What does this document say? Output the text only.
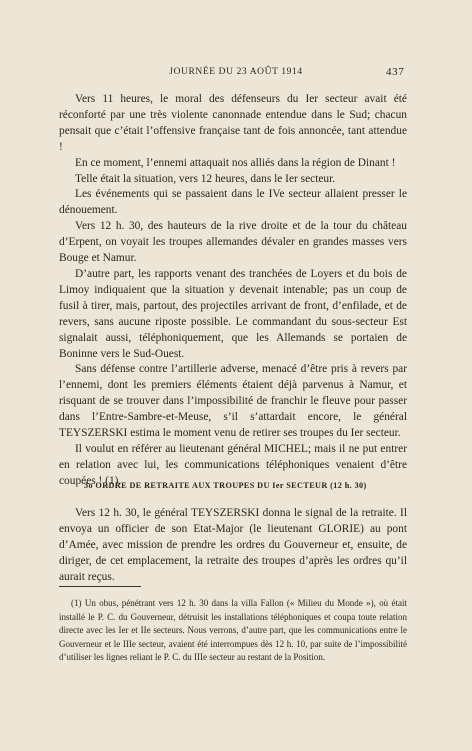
JOURNÉE DU 23 AOÛT 1914	437

Vers 11 heures, le moral des défenseurs du Ier secteur avait été réconforté par une très violente canonnade entendue dans le Sud; chacun pensait que c’était l’offensive française tant de fois annoncée, tant attendue !

En ce moment, l’ennemi attaquait nos alliés dans la région de Dinant !

Telle était la situation, vers 12 heures, dans le Ier secteur.

Les événements qui se passaient dans le IVe secteur allaient presser le dénouement.

Vers 12 h. 30, des hauteurs de la rive droite et de la tour du château d’Erpent, on voyait les troupes allemandes dévaler en grandes masses vers Bouge et Namur.

D’autre part, les rapports venant des tranchées de Loyers et du bois de Limoy indiquaient que la situation y devenait intenable; pas un coup de fusil à tirer, mais, partout, des projectiles arrivant de front, d’enfilade, et de revers, sans aucune riposte possible. Le commandant du sous-secteur Est signalait aussi, téléphoniquement, que les Allemands se portaien de Boninne vers le Sud-Ouest.

Sans défense contre l’artillerie adverse, menacé d’être pris à revers par l’ennemi, dont les premiers éléments étaient déjà parvenus à Namur, et risquant de se trouver dans l’impossibilité de franchir le fleuve pour passer dans l’Entre-Sambre-et-Meuse, s’il s’attardait encore, le général TEYSZERSKI estima le moment venu de retirer ses troupes du Ier secteur.

Il voulut en référer au lieutenant général MICHEL; mais il ne put entrer en relation avec lui, les communications téléphoniques venaient d’être coupées ! (1).

3o ORDRE DE RETRAITE AUX TROUPES DU Ier SECTEUR (12 h. 30)

Vers 12 h. 30, le général TEYSZERSKI donna le signal de la retraite. Il envoya un officier de son Etat-Major (le lieutenant GLORIE) au pont d’Amée, avec mission de prendre les ordres du Gouverneur et, ensuite, de diriger, de cet emplacement, la retraite des troupes d’après les ordres qu’il aurait reçus.

(1) Un obus, pénétrant vers 12 h. 30 dans la villa Fallon (« Milieu du Monde »), où était installé le P. C. du Gouverneur, détruisit les installations téléphoniques et coupa toute relation directe avec les Ier et IIe secteurs. Nous verrons, d’autre part, que les communications entre le Gouverneur et le IIIe secteur, avaient été interrompues dès 12 h. 10, par suite de l’impossibilité d’utiliser les lignes reliant le P. C. du IIIe secteur au restant de la Position.
